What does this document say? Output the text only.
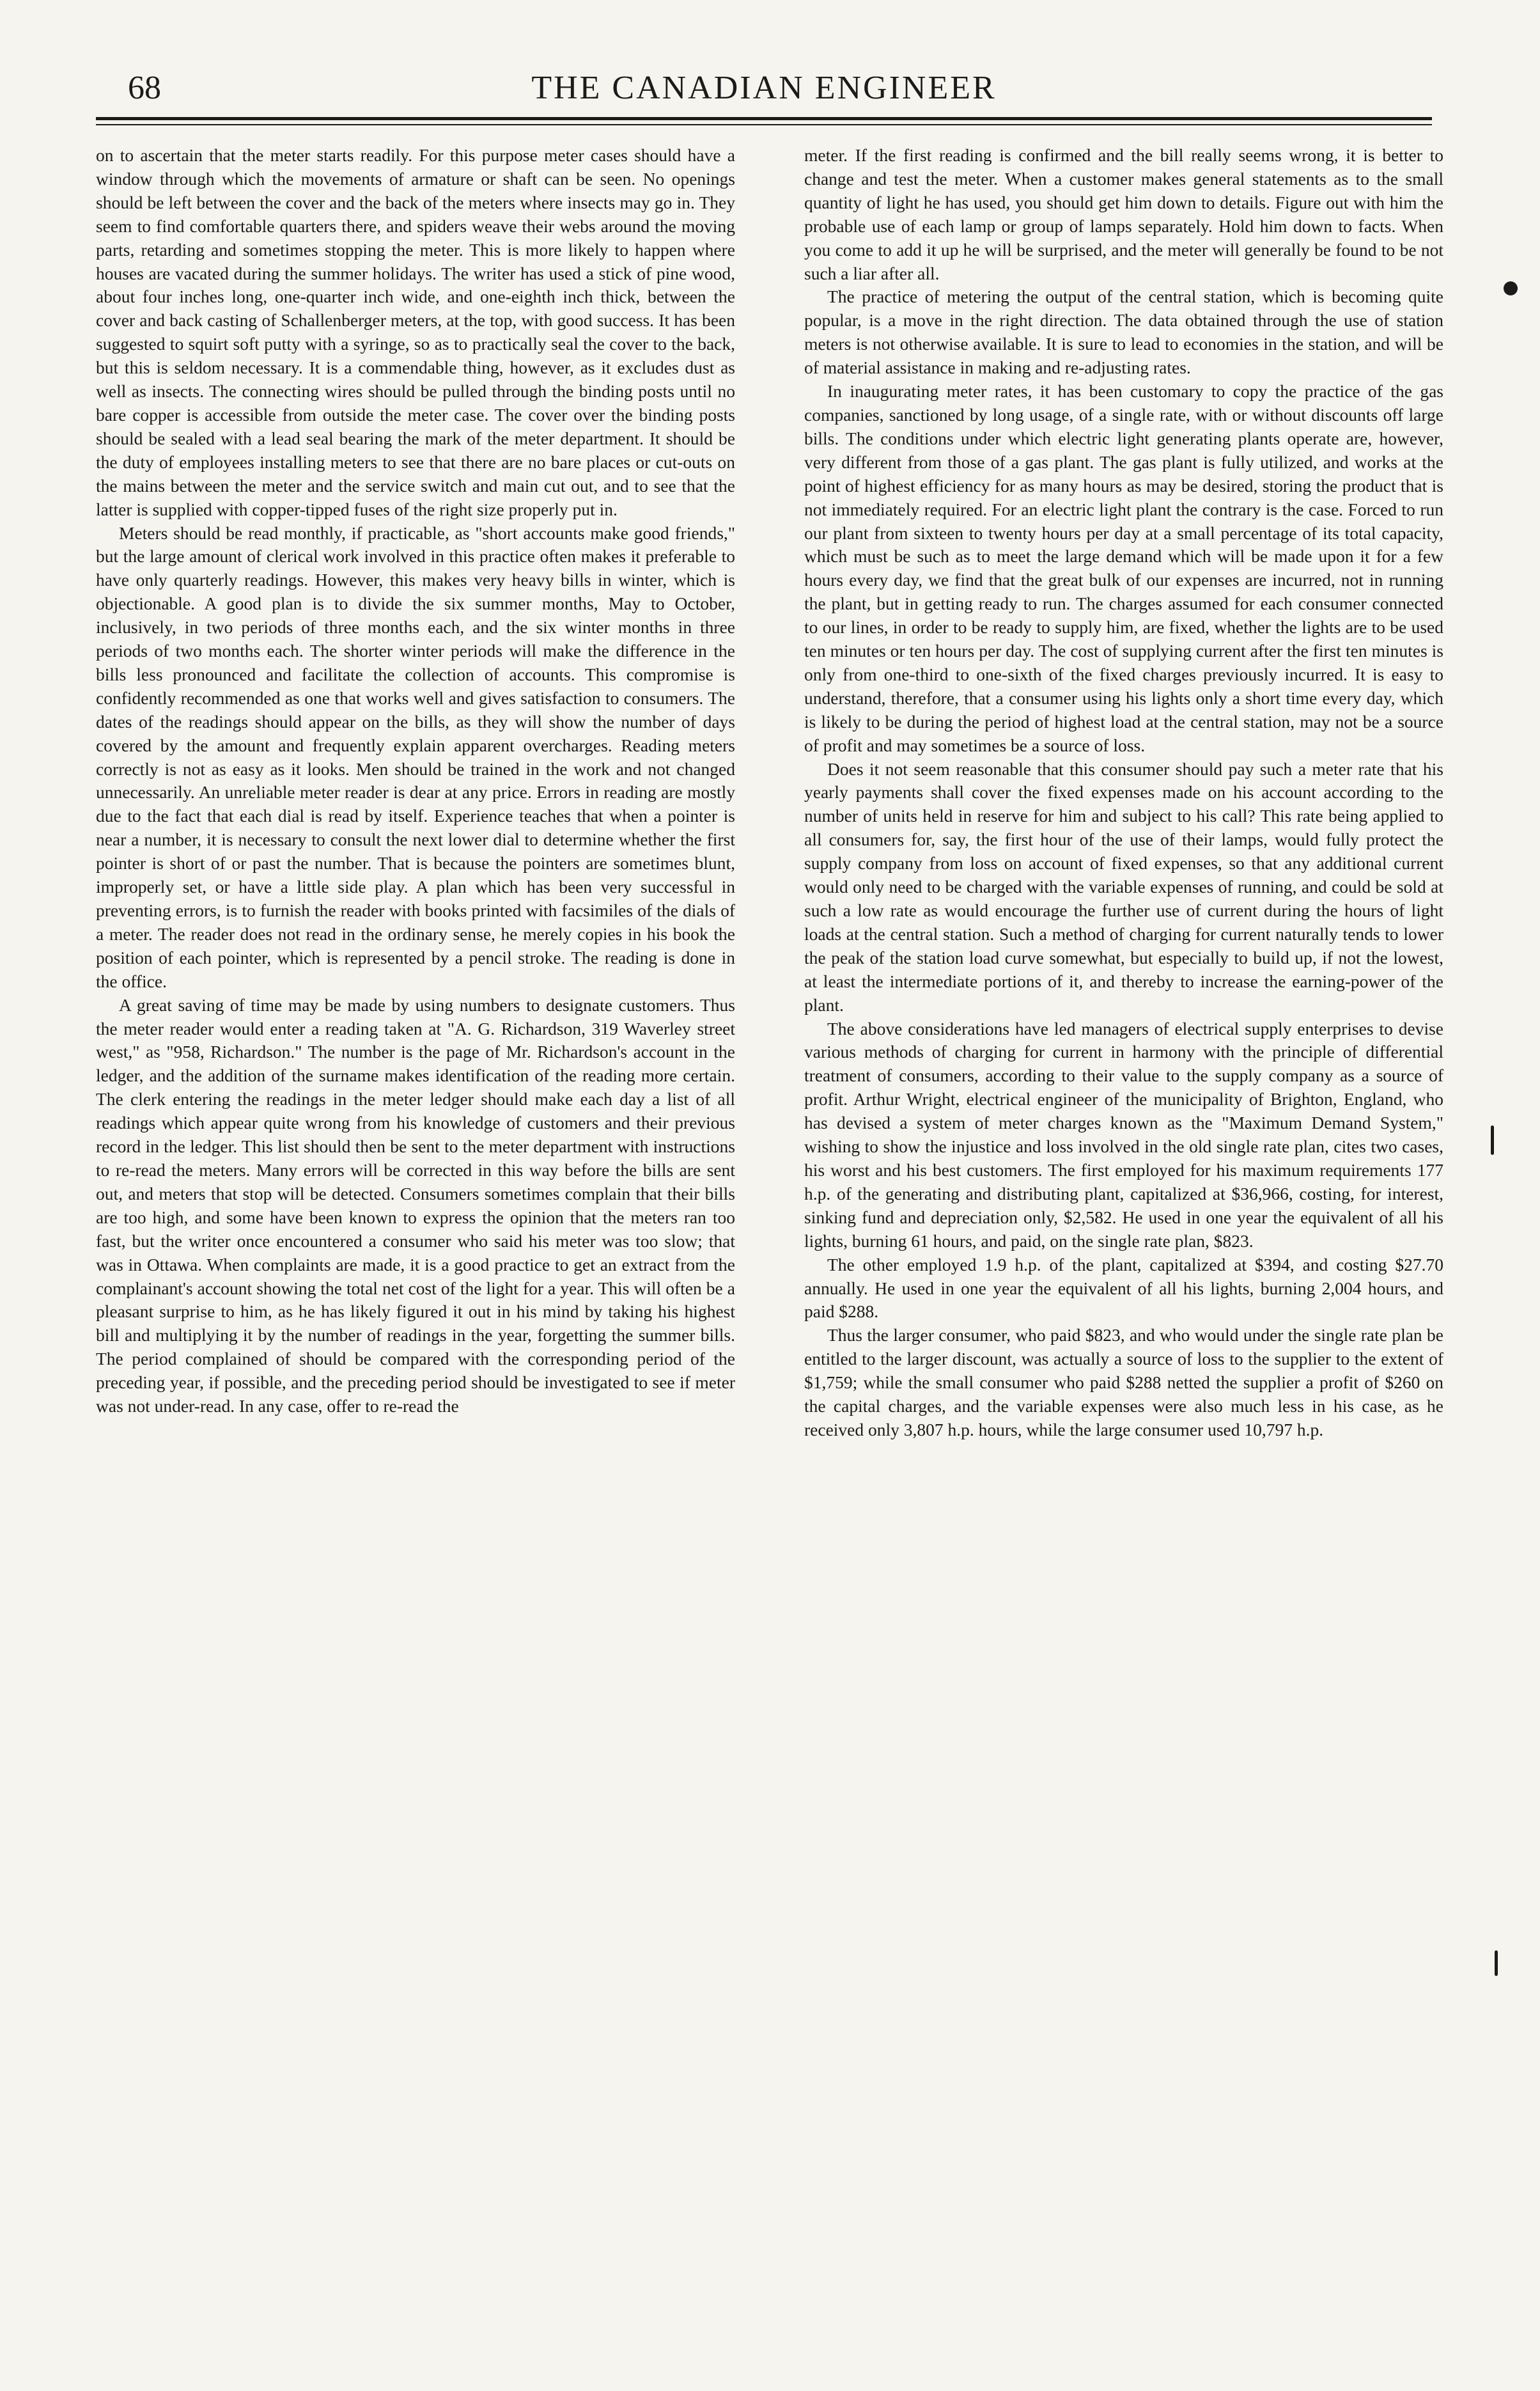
68	THE CANADIAN ENGINEER

on to ascertain that the meter starts readily. For this purpose meter cases should have a window through which the movements of armature or shaft can be seen. No openings should be left between the cover and the back of the meters where insects may go in. They seem to find comfortable quarters there, and spiders weave their webs around the moving parts, retarding and sometimes stopping the meter. This is more likely to happen where houses are vacated during the summer holidays. The writer has used a stick of pine wood, about four inches long, one-quarter inch wide, and one-eighth inch thick, between the cover and back casting of Schallenberger meters, at the top, with good success. It has been suggested to squirt soft putty with a syringe, so as to practically seal the cover to the back, but this is seldom necessary. It is a commendable thing, however, as it excludes dust as well as insects. The connecting wires should be pulled through the binding posts until no bare copper is accessible from outside the meter case. The cover over the binding posts should be sealed with a lead seal bearing the mark of the meter department. It should be the duty of employees installing meters to see that there are no bare places or cut-outs on the mains between the meter and the service switch and main cut out, and to see that the latter is supplied with copper-tipped fuses of the right size properly put in.

Meters should be read monthly, if practicable, as "short accounts make good friends," but the large amount of clerical work involved in this practice often makes it preferable to have only quarterly readings. However, this makes very heavy bills in winter, which is objectionable. A good plan is to divide the six summer months, May to October, inclusively, in two periods of three months each, and the six winter months in three periods of two months each. The shorter winter periods will make the difference in the bills less pronounced and facilitate the collection of accounts. This compromise is confidently recommended as one that works well and gives satisfaction to consumers. The dates of the readings should appear on the bills, as they will show the number of days covered by the amount and frequently explain apparent overcharges. Reading meters correctly is not as easy as it looks. Men should be trained in the work and not changed unnecessarily. An unreliable meter reader is dear at any price. Errors in reading are mostly due to the fact that each dial is read by itself. Experience teaches that when a pointer is near a number, it is necessary to consult the next lower dial to determine whether the first pointer is short of or past the number. That is because the pointers are sometimes blunt, improperly set, or have a little side play. A plan which has been very successful in preventing errors, is to furnish the reader with books printed with facsimiles of the dials of a meter. The reader does not read in the ordinary sense, he merely copies in his book the position of each pointer, which is represented by a pencil stroke. The reading is done in the office.

A great saving of time may be made by using numbers to designate customers. Thus the meter reader would enter a reading taken at "A. G. Richardson, 319 Waverley street west," as "958, Richardson." The number is the page of Mr. Richardson's account in the ledger, and the addition of the surname makes identification of the reading more certain. The clerk entering the readings in the meter ledger should make each day a list of all readings which appear quite wrong from his knowledge of customers and their previous record in the ledger. This list should then be sent to the meter department with instructions to re-read the meters. Many errors will be corrected in this way before the bills are sent out, and meters that stop will be detected. Consumers sometimes complain that their bills are too high, and some have been known to express the opinion that the meters ran too fast, but the writer once encountered a consumer who said his meter was too slow; that was in Ottawa. When complaints are made, it is a good practice to get an extract from the complainant's account showing the total net cost of the light for a year. This will often be a pleasant surprise to him, as he has likely figured it out in his mind by taking his highest bill and multiplying it by the number of readings in the year, forgetting the summer bills. The period complained of should be compared with the corresponding period of the preceding year, if possible, and the preceding period should be investigated to see if meter was not under-read. In any case, offer to re-read the

meter. If the first reading is confirmed and the bill really seems wrong, it is better to change and test the meter. When a customer makes general statements as to the small quantity of light he has used, you should get him down to details. Figure out with him the probable use of each lamp or group of lamps separately. Hold him down to facts. When you come to add it up he will be surprised, and the meter will generally be found to be not such a liar after all.

The practice of metering the output of the central station, which is becoming quite popular, is a move in the right direction. The data obtained through the use of station meters is not otherwise available. It is sure to lead to economies in the station, and will be of material assistance in making and re-adjusting rates.

In inaugurating meter rates, it has been customary to copy the practice of the gas companies, sanctioned by long usage, of a single rate, with or without discounts off large bills. The conditions under which electric light generating plants operate are, however, very different from those of a gas plant. The gas plant is fully utilized, and works at the point of highest efficiency for as many hours as may be desired, storing the product that is not immediately required. For an electric light plant the contrary is the case. Forced to run our plant from sixteen to twenty hours per day at a small percentage of its total capacity, which must be such as to meet the large demand which will be made upon it for a few hours every day, we find that the great bulk of our expenses are incurred, not in running the plant, but in getting ready to run. The charges assumed for each consumer connected to our lines, in order to be ready to supply him, are fixed, whether the lights are to be used ten minutes or ten hours per day. The cost of supplying current after the first ten minutes is only from one-third to one-sixth of the fixed charges previously incurred. It is easy to understand, therefore, that a consumer using his lights only a short time every day, which is likely to be during the period of highest load at the central station, may not be a source of profit and may sometimes be a source of loss.

Does it not seem reasonable that this consumer should pay such a meter rate that his yearly payments shall cover the fixed expenses made on his account according to the number of units held in reserve for him and subject to his call? This rate being applied to all consumers for, say, the first hour of the use of their lamps, would fully protect the supply company from loss on account of fixed expenses, so that any additional current would only need to be charged with the variable expenses of running, and could be sold at such a low rate as would encourage the further use of current during the hours of light loads at the central station. Such a method of charging for current naturally tends to lower the peak of the station load curve somewhat, but especially to build up, if not the lowest, at least the intermediate portions of it, and thereby to increase the earning-power of the plant.

The above considerations have led managers of electrical supply enterprises to devise various methods of charging for current in harmony with the principle of differential treatment of consumers, according to their value to the supply company as a source of profit. Arthur Wright, electrical engineer of the municipality of Brighton, England, who has devised a system of meter charges known as the "Maximum Demand System," wishing to show the injustice and loss involved in the old single rate plan, cites two cases, his worst and his best customers. The first employed for his maximum requirements 177 h.p. of the generating and distributing plant, capitalized at $36,966, costing, for interest, sinking fund and depreciation only, $2,582. He used in one year the equivalent of all his lights, burning 61 hours, and paid, on the single rate plan, $823.

The other employed 1.9 h.p. of the plant, capitalized at $394, and costing $27.70 annually. He used in one year the equivalent of all his lights, burning 2,004 hours, and paid $288.

Thus the larger consumer, who paid $823, and who would under the single rate plan be entitled to the larger discount, was actually a source of loss to the supplier to the extent of $1,759; while the small consumer who paid $288 netted the supplier a profit of $260 on the capital charges, and the variable expenses were also much less in his case, as he received only 3,807 h.p. hours, while the large consumer used 10,797 h.p.
